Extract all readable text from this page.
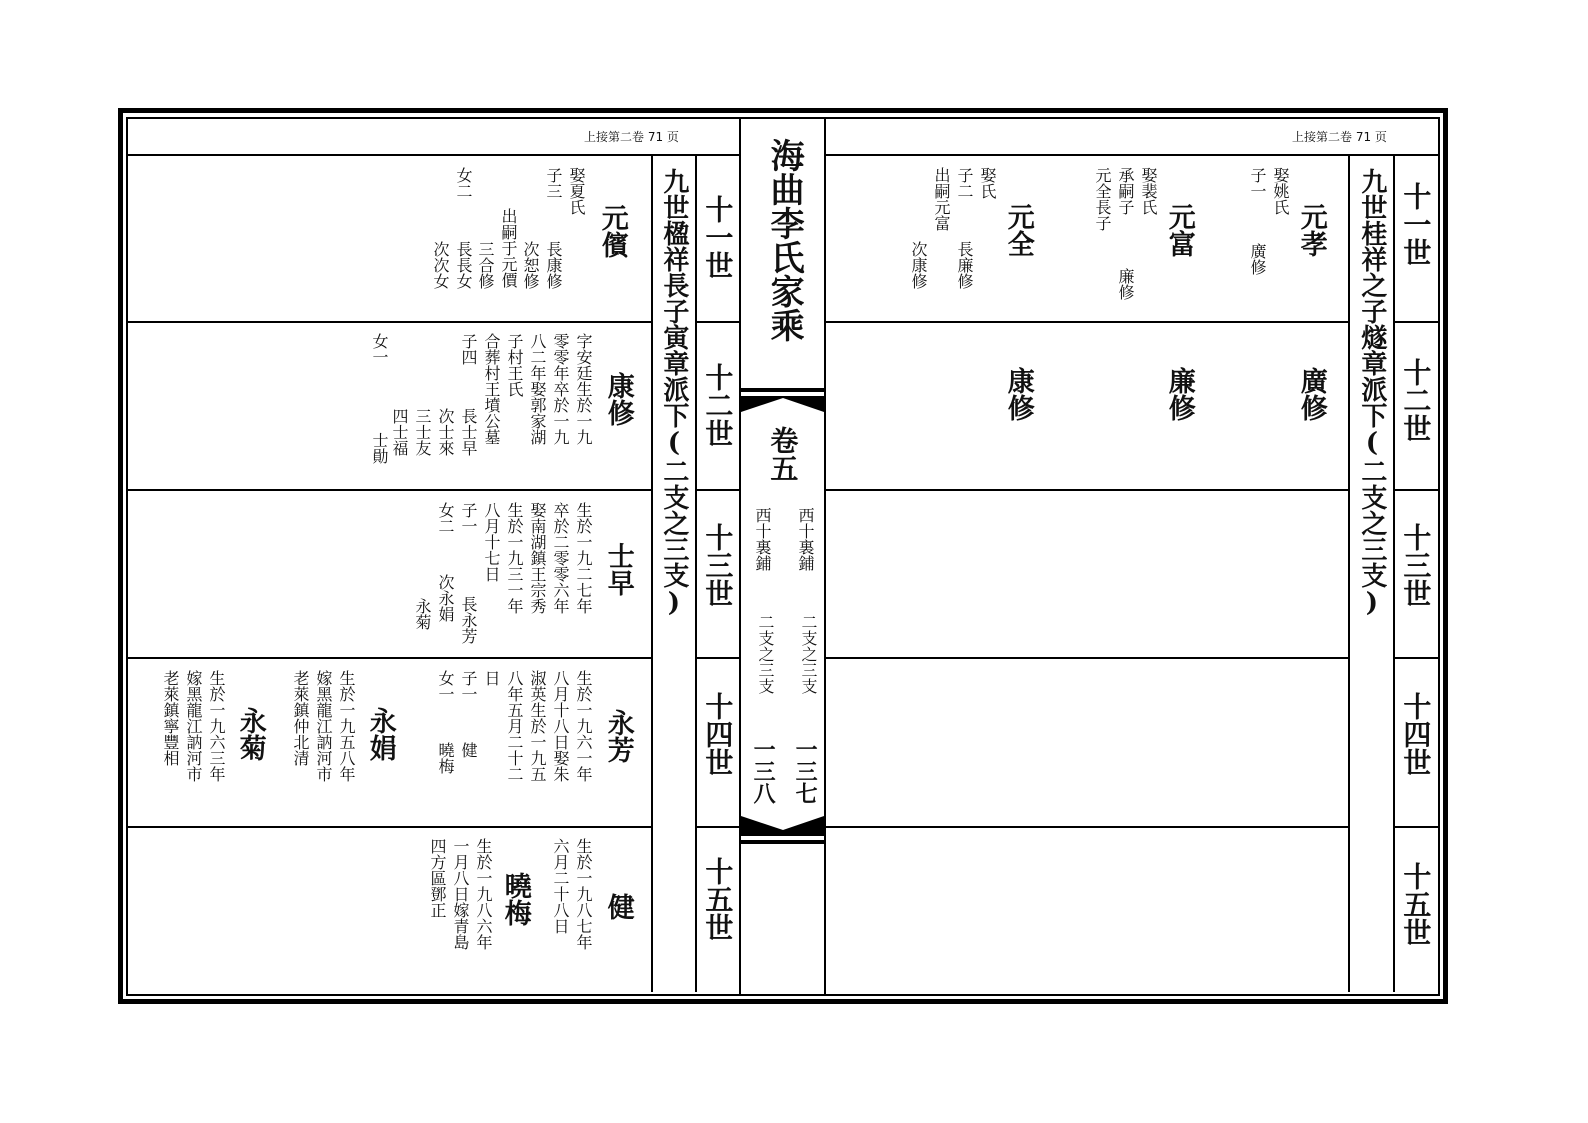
上接第二卷 71 页
九世楹祥長子寅章派下(二支之三支) 十一世
十二世
十三世
十四世
十五世
元儐
娶夏氏
子三
出嗣于元價
女二
長康修
次恕修
三合修
長長女
次次女
康修
字安廷生於一九
零零年卒於一九
八二年娶郭家湖
子村王氏
合葬村王墳公墓
子四
女一
長士早
次士來
三士友
四士福
士勛
士早
生於一九二七年
卒於二零零六年
娶南湖鎮王宗秀
生於一九三一年
八月十七日
子一
女二
長永芳
次永娟
永菊
永芳
生於一九六一年
八月十八日娶朱
淑英生於一九五
八年五月二十二
日
子一
女一
健
曉梅
永娟
生於一九五八年
嫁黑龍江訥河市
老萊鎮仲北清
永菊
生於一九六三年
嫁黑龍江訥河市
老萊鎮寧豐相
健
生於一九八七年
六月二十八日
曉梅
生於一九八六年
一月八日嫁青島
四方區鄧正
海曲李氏家乘
卷五
西十裏鋪
二支之三支
一三七
西十裏鋪
二支之三支
一三八
上接第二卷 71 页
九世桂祥之子燧章派下(二支之三支) 十一世
十二世
十三世
十四世
十五世
元孝
娶姚氏
子一
廣修
元富
娶裴氏
承嗣子
元全長子
廉修
元全
娶氏
子二
出嗣元富
長廉修
次康修
廣修
廉修
康修
